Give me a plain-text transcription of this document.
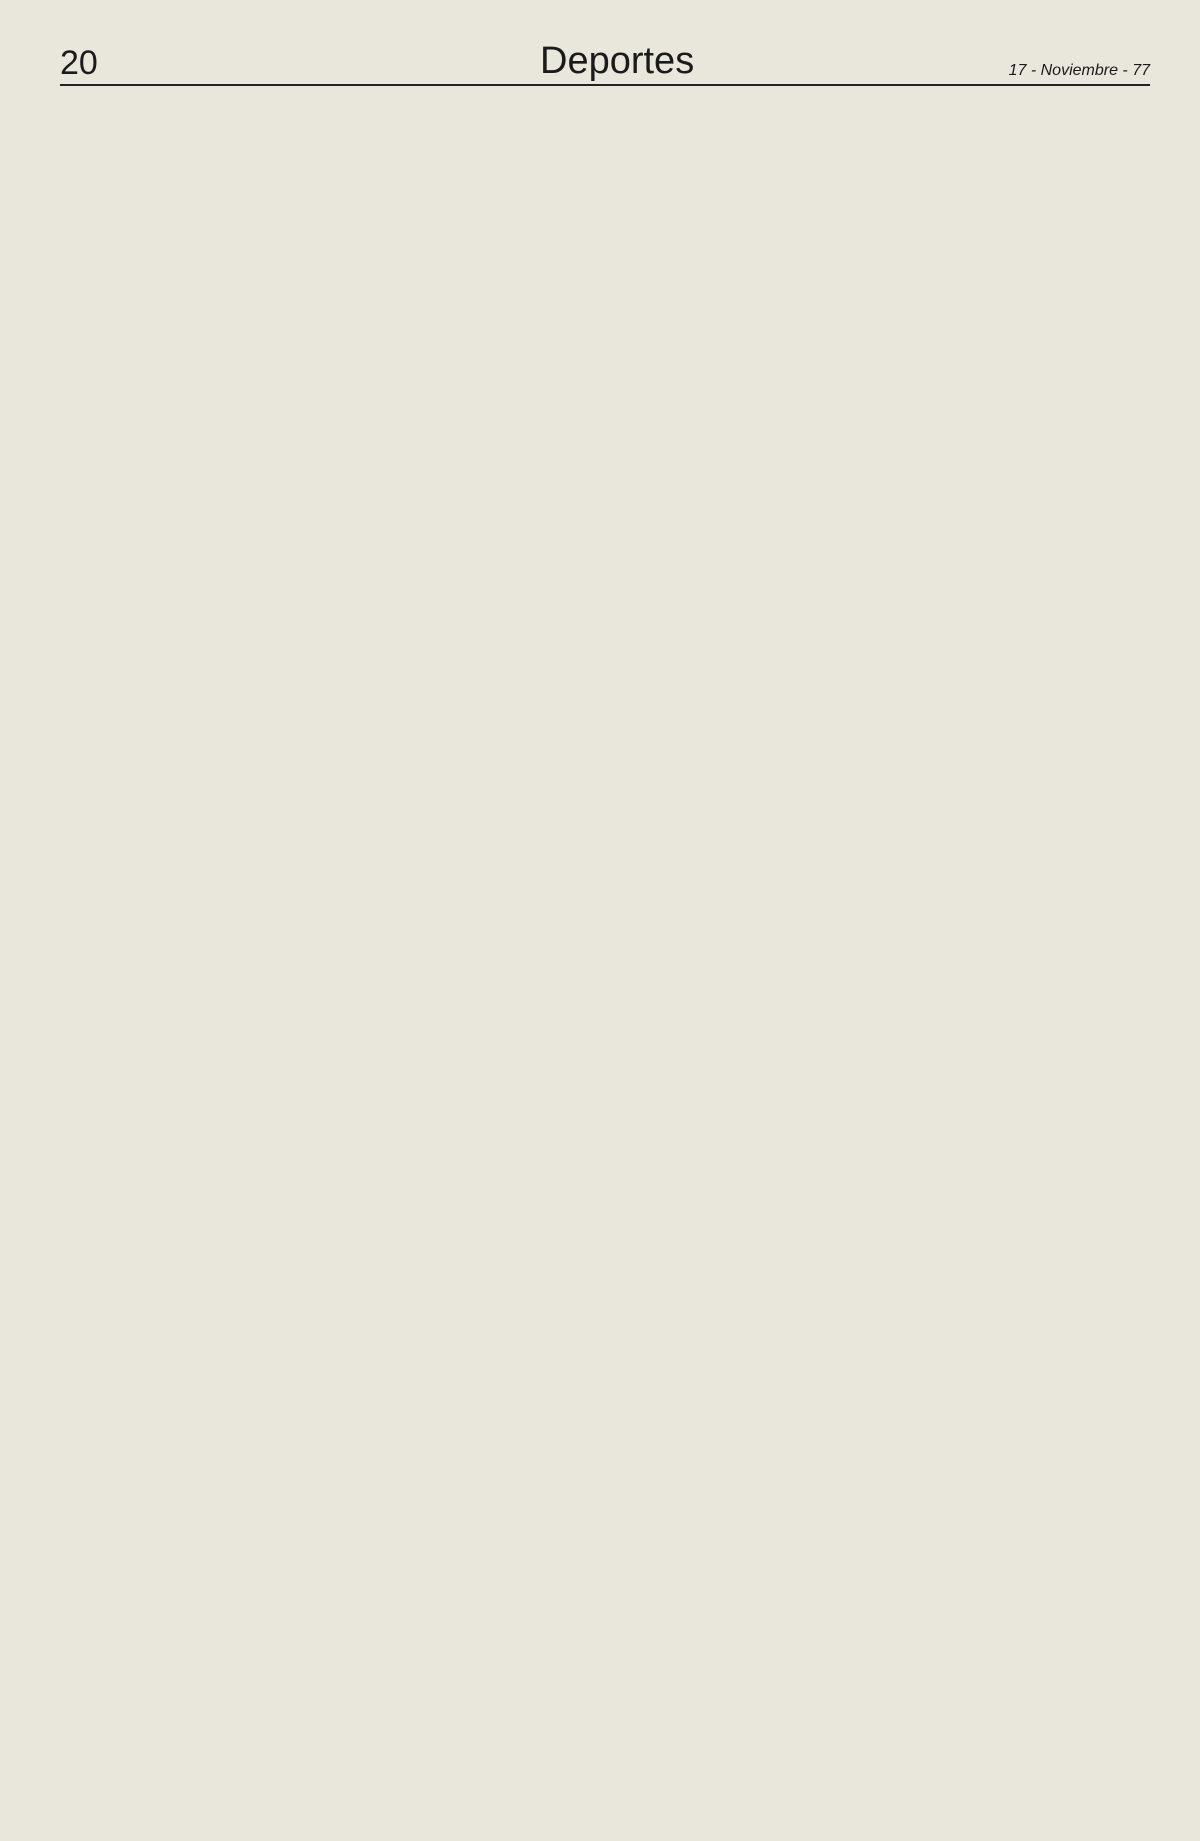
20	Deportes	17 - Noviembre - 77
